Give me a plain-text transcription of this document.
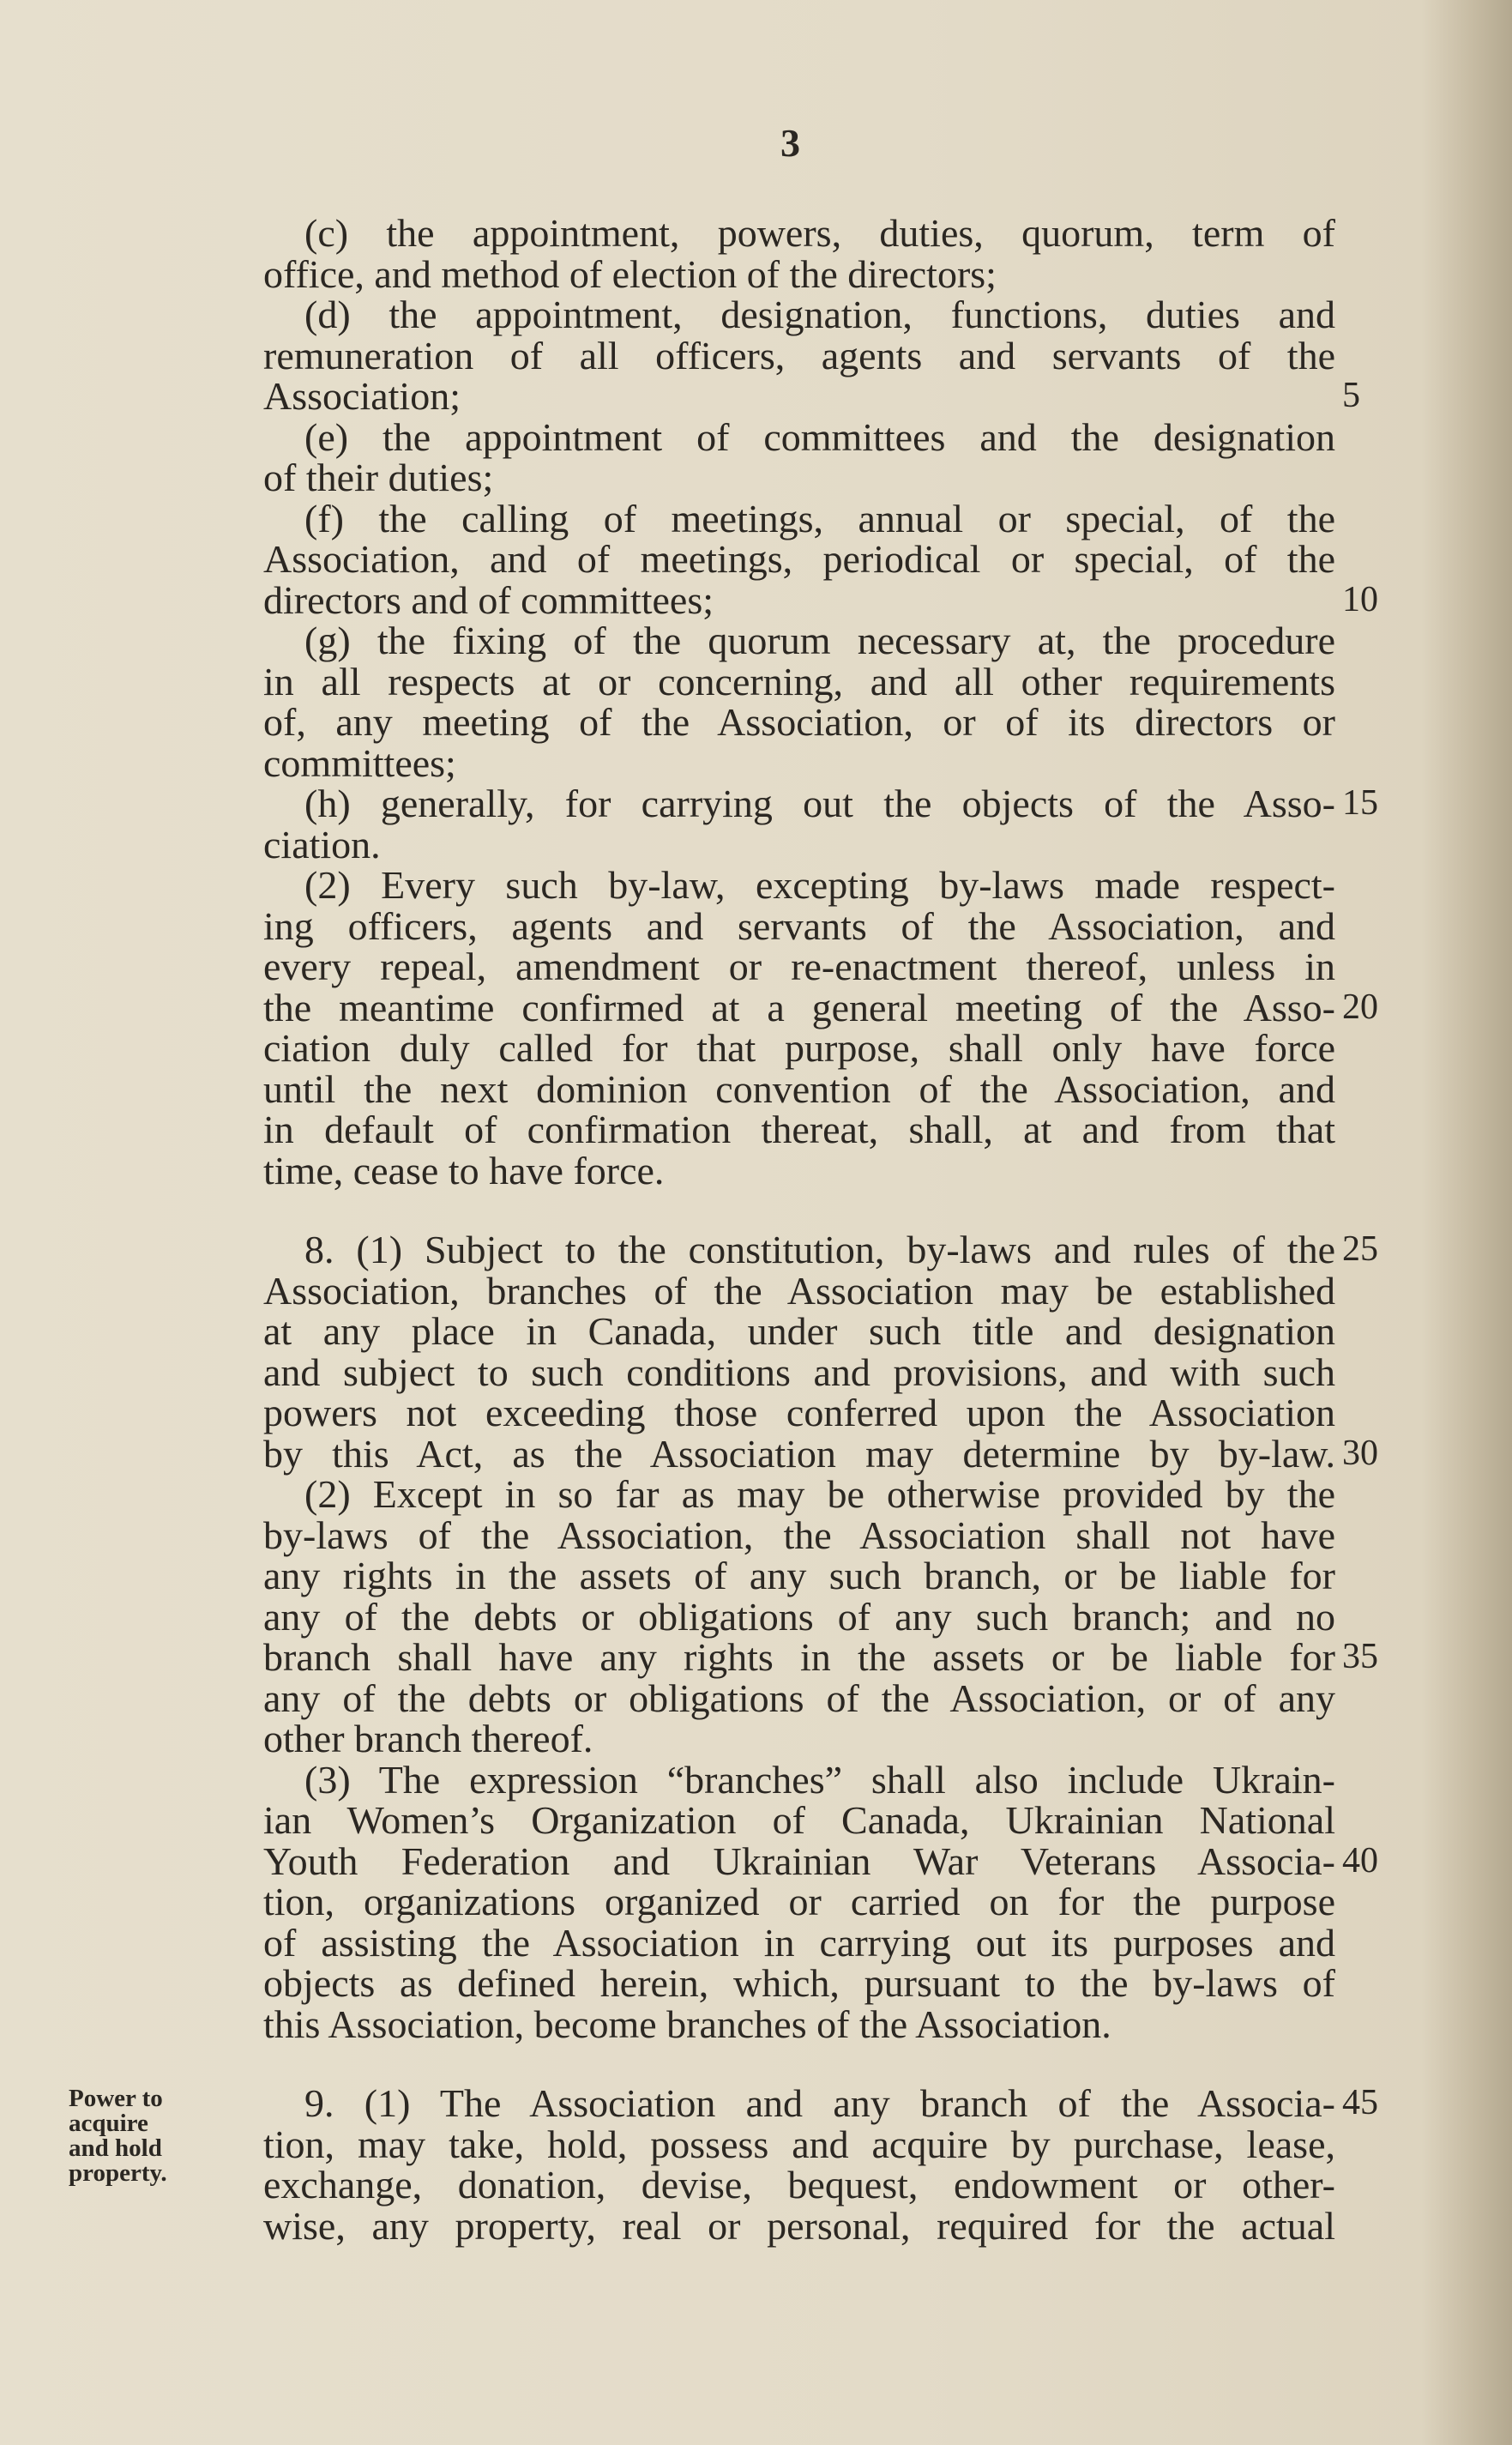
3
(c) the appointment, powers, duties, quorum, term of
office, and method of election of the directors;
(d) the appointment, designation, functions, duties and
remuneration of all officers, agents and servants of the
Association;
(e) the appointment of committees and the designation
of their duties;
(f) the calling of meetings, annual or special, of the
Association, and of meetings, periodical or special, of the
directors and of committees;
(g) the fixing of the quorum necessary at, the procedure
in all respects at or concerning, and all other requirements
of, any meeting of the Association, or of its directors or
committees;
(h) generally, for carrying out the objects of the Asso-
ciation.
(2) Every such by-law, excepting by-laws made respect-
ing officers, agents and servants of the Association, and
every repeal, amendment or re-enactment thereof, unless in
the meantime confirmed at a general meeting of the Asso-
ciation duly called for that purpose, shall only have force
until the next dominion convention of the Association, and
in default of confirmation thereat, shall, at and from that
time, cease to have force.
8. (1) Subject to the constitution, by-laws and rules of the
Association, branches of the Association may be established
at any place in Canada, under such title and designation
and subject to such conditions and provisions, and with such
powers not exceeding those conferred upon the Association
by this Act, as the Association may determine by by-law.
(2) Except in so far as may be otherwise provided by the
by-laws of the Association, the Association shall not have
any rights in the assets of any such branch, or be liable for
any of the debts or obligations of any such branch; and no
branch shall have any rights in the assets or be liable for
any of the debts or obligations of the Association, or of any
other branch thereof.
(3) The expression “branches” shall also include Ukrain-
ian Women’s Organization of Canada, Ukrainian National
Youth Federation and Ukrainian War Veterans Associa-
tion, organizations organized or carried on for the purpose
of assisting the Association in carrying out its purposes and
objects as defined herein, which, pursuant to the by-laws of
this Association, become branches of the Association.
9. (1) The Association and any branch of the Associa-
tion, may take, hold, possess and acquire by purchase, lease,
exchange, donation, devise, bequest, endowment or other-
wise, any property, real or personal, required for the actual
5
10
15
20
25
30
35
40
45
Power to
acquire
and hold
property.
